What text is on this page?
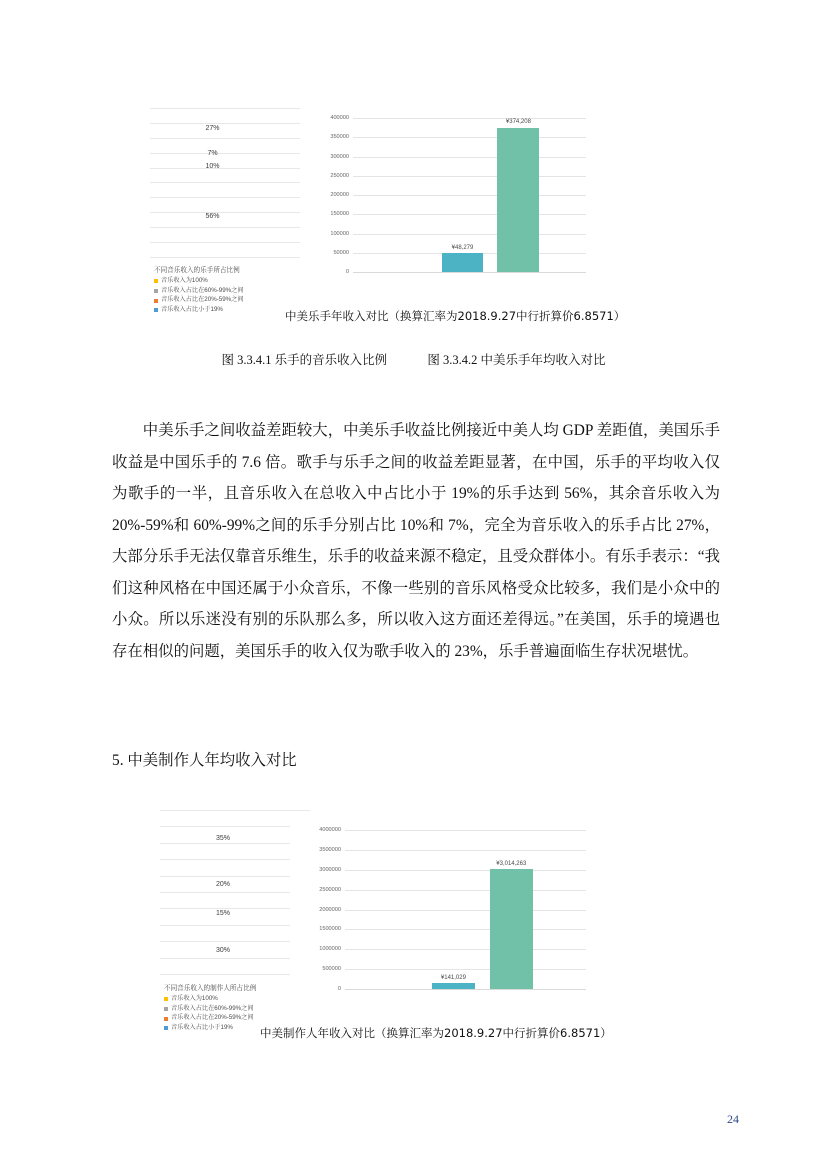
27%
7%
10%
56%
不同音乐收入的乐手所占比例
音乐收入为100%
音乐收入占比在60%-99%之间
音乐收入占比在20%-59%之间
音乐收入占比小于19%
400000
350000
300000
250000
200000
150000
100000
50000
0
¥48,279
¥374,208
中美乐手年收入对比（换算汇率为2018.9.27中行折算价6.8571）
图 3.3.4.1 乐手的音乐收入比例	图 3.3.4.2 中美乐手年均收入对比

中美乐手之间收益差距较大，中美乐手收益比例接近中美人均 GDP 差距值，美国乐手收益是中国乐手的 7.6 倍。歌手与乐手之间的收益差距显著，在中国，乐手的平均收入仅为歌手的一半，且音乐收入在总收入中占比小于 19%的乐手达到 56%，其余音乐收入为 20%-59%和 60%-99%之间的乐手分别占比 10%和 7%，完全为音乐收入的乐手占比 27%，大部分乐手无法仅靠音乐维生，乐手的收益来源不稳定，且受众群体小。有乐手表示：“我们这种风格在中国还属于小众音乐，不像一些别的音乐风格受众比较多，我们是小众中的小众。所以乐迷没有别的乐队那么多，所以收入这方面还差得远。”在美国，乐手的境遇也存在相似的问题，美国乐手的收入仅为歌手收入的 23%，乐手普遍面临生存状况堪忧。

5. 中美制作人年均收入对比
35%
20%
15%
30%
不同音乐收入的制作人所占比例
音乐收入为100%
音乐收入占比在60%-99%之间
音乐收入占比在20%-59%之间
音乐收入占比小于19%
4000000
3500000
3000000
2500000
2000000
1500000
1000000
500000
0
¥141,029
¥3,014,263
中美制作人年收入对比（换算汇率为2018.9.27中行折算价6.8571）
24
